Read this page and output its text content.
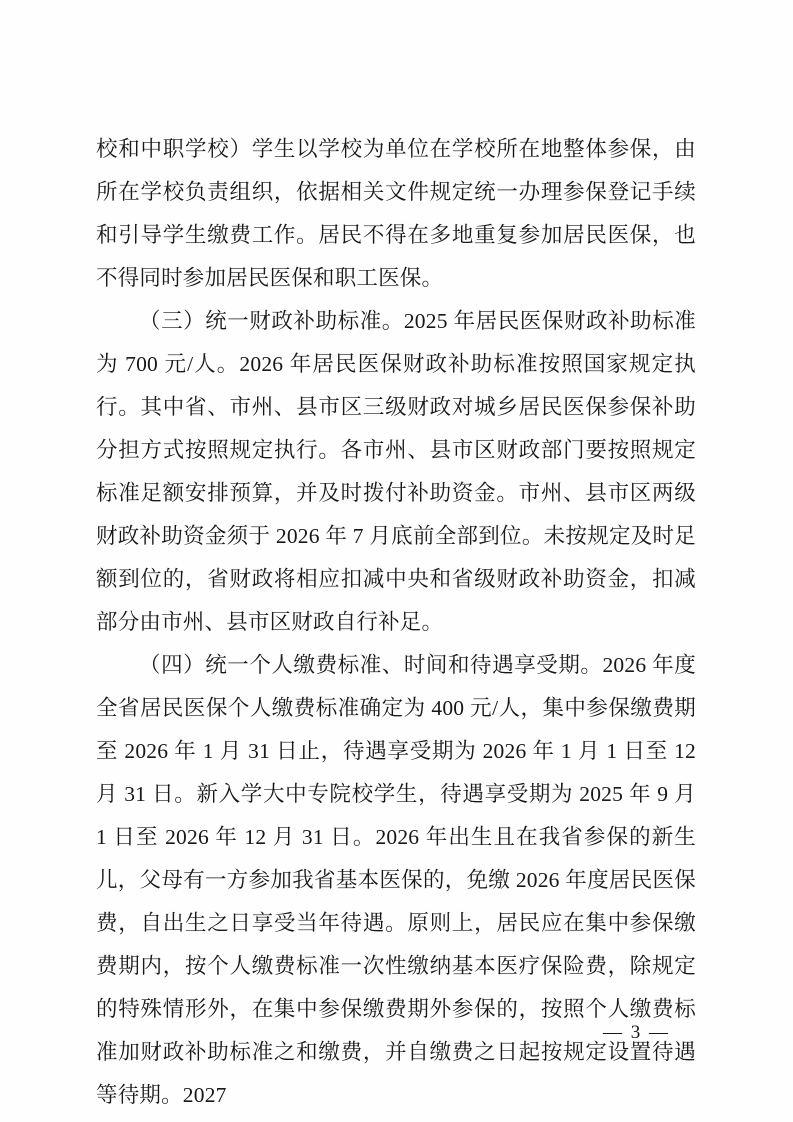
校和中职学校）学生以学校为单位在学校所在地整体参保，由所在学校负责组织，依据相关文件规定统一办理参保登记手续和引导学生缴费工作。居民不得在多地重复参加居民医保，也不得同时参加居民医保和职工医保。

（三）统一财政补助标准。2025 年居民医保财政补助标准为 700 元/人。2026 年居民医保财政补助标准按照国家规定执行。其中省、市州、县市区三级财政对城乡居民医保参保补助分担方式按照规定执行。各市州、县市区财政部门要按照规定标准足额安排预算，并及时拨付补助资金。市州、县市区两级财政补助资金须于 2026 年 7 月底前全部到位。未按规定及时足额到位的，省财政将相应扣减中央和省级财政补助资金，扣减部分由市州、县市区财政自行补足。

（四）统一个人缴费标准、时间和待遇享受期。2026 年度全省居民医保个人缴费标准确定为 400 元/人，集中参保缴费期至 2026 年 1 月 31 日止，待遇享受期为 2026 年 1 月 1 日至 12 月 31 日。新入学大中专院校学生，待遇享受期为 2025 年 9 月 1 日至 2026 年 12 月 31 日。2026 年出生且在我省参保的新生儿，父母有一方参加我省基本医保的，免缴 2026 年度居民医保费，自出生之日享受当年待遇。原则上，居民应在集中参保缴费期内，按个人缴费标准一次性缴纳基本医疗保险费，除规定的特殊情形外，在集中参保缴费期外参保的，按照个人缴费标准加财政补助标准之和缴费，并自缴费之日起按规定设置待遇等待期。2027

— 3 —
